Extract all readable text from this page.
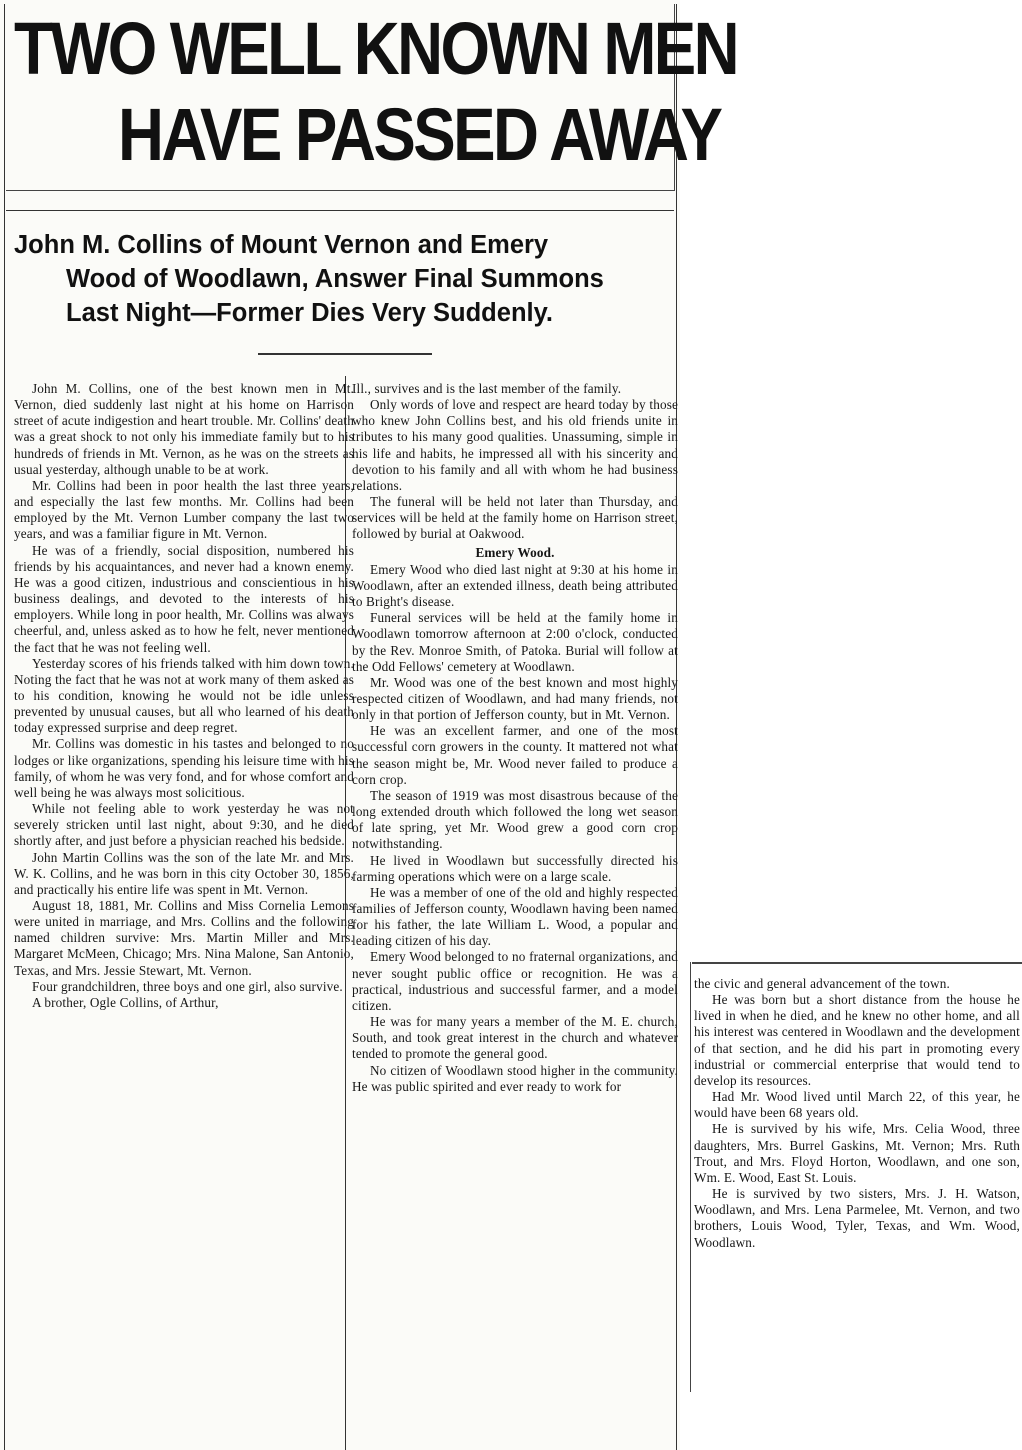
TWO WELL KNOWN MEN
HAVE PASSED AWAY
John M. Collins of Mount Vernon and Emery
Wood of Woodlawn, Answer Final Summons
Last Night—Former Dies Very Suddenly.

John M. Collins, one of the best known men in Mt. Vernon, died suddenly last night at his home on Harrison street of acute indigestion and heart trouble. Mr. Collins' death was a great shock to not only his immediate family but to his hundreds of friends in Mt. Vernon, as he was on the streets as usual yesterday, although unable to be at work.

Mr. Collins had been in poor health the last three years, and especially the last few months. Mr. Collins had been employed by the Mt. Vernon Lumber company the last two years, and was a familiar figure in Mt. Vernon.

He was of a friendly, social disposition, numbered his friends by his acquaintances, and never had a known enemy. He was a good citizen, industrious and conscientious in his business dealings, and devoted to the interests of his employers. While long in poor health, Mr. Collins was always cheerful, and, unless asked as to how he felt, never mentioned the fact that he was not feeling well.

Yesterday scores of his friends talked with him down town. Noting the fact that he was not at work many of them asked as to his condition, knowing he would not be idle unless prevented by unusual causes, but all who learned of his death today expressed surprise and deep regret.

Mr. Collins was domestic in his tastes and belonged to no lodges or like organizations, spending his leisure time with his family, of whom he was very fond, and for whose comfort and well being he was always most solicitious.

While not feeling able to work yesterday he was not severely stricken until last night, about 9:30, and he died shortly after, and just before a physician reached his bedside.

John Martin Collins was the son of the late Mr. and Mrs. W. K. Collins, and he was born in this city October 30, 1856, and practically his entire life was spent in Mt. Vernon.

August 18, 1881, Mr. Collins and Miss Cornelia Lemons were united in marriage, and Mrs. Collins and the following named children survive: Mrs. Martin Miller and Mrs. Margaret McMeen, Chicago; Mrs. Nina Malone, San Antonio, Texas, and Mrs. Jessie Stewart, Mt. Vernon.

Four grandchildren, three boys and one girl, also survive.

A brother, Ogle Collins, of Arthur,

Ill., survives and is the last member of the family.

Only words of love and respect are heard today by those who knew John Collins best, and his old friends unite in tributes to his many good qualities. Unassuming, simple in his life and habits, he impressed all with his sincerity and devotion to his family and all with whom he had business relations.

The funeral will be held not later than Thursday, and services will be held at the family home on Harrison street, followed by burial at Oakwood.

Emery Wood.

Emery Wood who died last night at 9:30 at his home in Woodlawn, after an extended illness, death being attributed to Bright's disease.

Funeral services will be held at the family home in Woodlawn tomorrow afternoon at 2:00 o'clock, conducted by the Rev. Monroe Smith, of Patoka. Burial will follow at the Odd Fellows' cemetery at Woodlawn.

Mr. Wood was one of the best known and most highly respected citizen of Woodlawn, and had many friends, not only in that portion of Jefferson county, but in Mt. Vernon.

He was an excellent farmer, and one of the most successful corn growers in the county. It mattered not what the season might be, Mr. Wood never failed to produce a corn crop.

The season of 1919 was most disastrous because of the long extended drouth which followed the long wet season of late spring, yet Mr. Wood grew a good corn crop notwithstanding.

He lived in Woodlawn but successfully directed his farming operations which were on a large scale.

He was a member of one of the old and highly respected families of Jefferson county, Woodlawn having been named for his father, the late William L. Wood, a popular and leading citizen of his day.

Emery Wood belonged to no fraternal organizations, and never sought public office or recognition. He was a practical, industrious and successful farmer, and a model citizen.

He was for many years a member of the M. E. church, South, and took great interest in the church and whatever tended to promote the general good.

No citizen of Woodlawn stood higher in the community. He was public spirited and ever ready to work for

the civic and general advancement of the town.

He was born but a short distance from the house he lived in when he died, and he knew no other home, and all his interest was centered in Woodlawn and the development of that section, and he did his part in promoting every industrial or commercial enterprise that would tend to develop its resources.

Had Mr. Wood lived until March 22, of this year, he would have been 68 years old.

He is survived by his wife, Mrs. Celia Wood, three daughters, Mrs. Burrel Gaskins, Mt. Vernon; Mrs. Ruth Trout, and Mrs. Floyd Horton, Woodlawn, and one son, Wm. E. Wood, East St. Louis.

He is survived by two sisters, Mrs. J. H. Watson, Woodlawn, and Mrs. Lena Parmelee, Mt. Vernon, and two brothers, Louis Wood, Tyler, Texas, and Wm. Wood, Woodlawn.
